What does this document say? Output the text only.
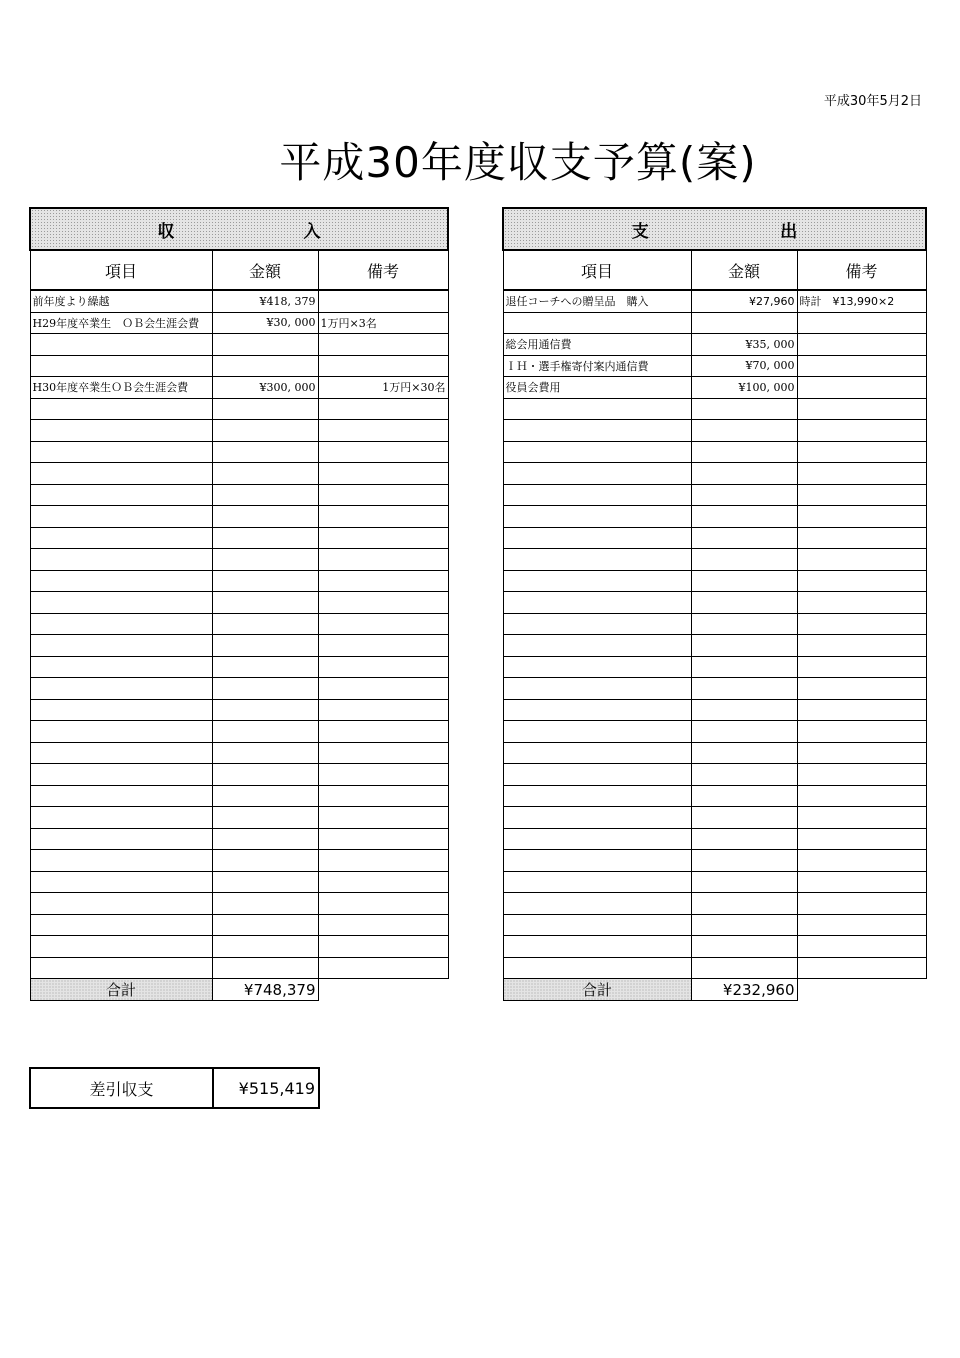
平成30年5月2日
平成30年度収支予算(案)
収 入		

項目	金額	備考
前年度より繰越	¥418, 379	
H29年度卒業生　ＯＢ会生涯会費	¥30, 000	1万円×3名

H30年度卒業生ＯＢ会生涯会費	¥300, 000	1万円×30名

合計	¥748,379	
支 出		

項目	金額	備考
退任コーチへの贈呈品　購入	¥27,960	時計　¥13,990×2

総会用通信費	¥35, 000	
ＩＨ・選手権寄付案内通信費	¥70, 000	
役員会費用	¥100, 000	

合計	¥232,960	
差引収支	¥515,419
